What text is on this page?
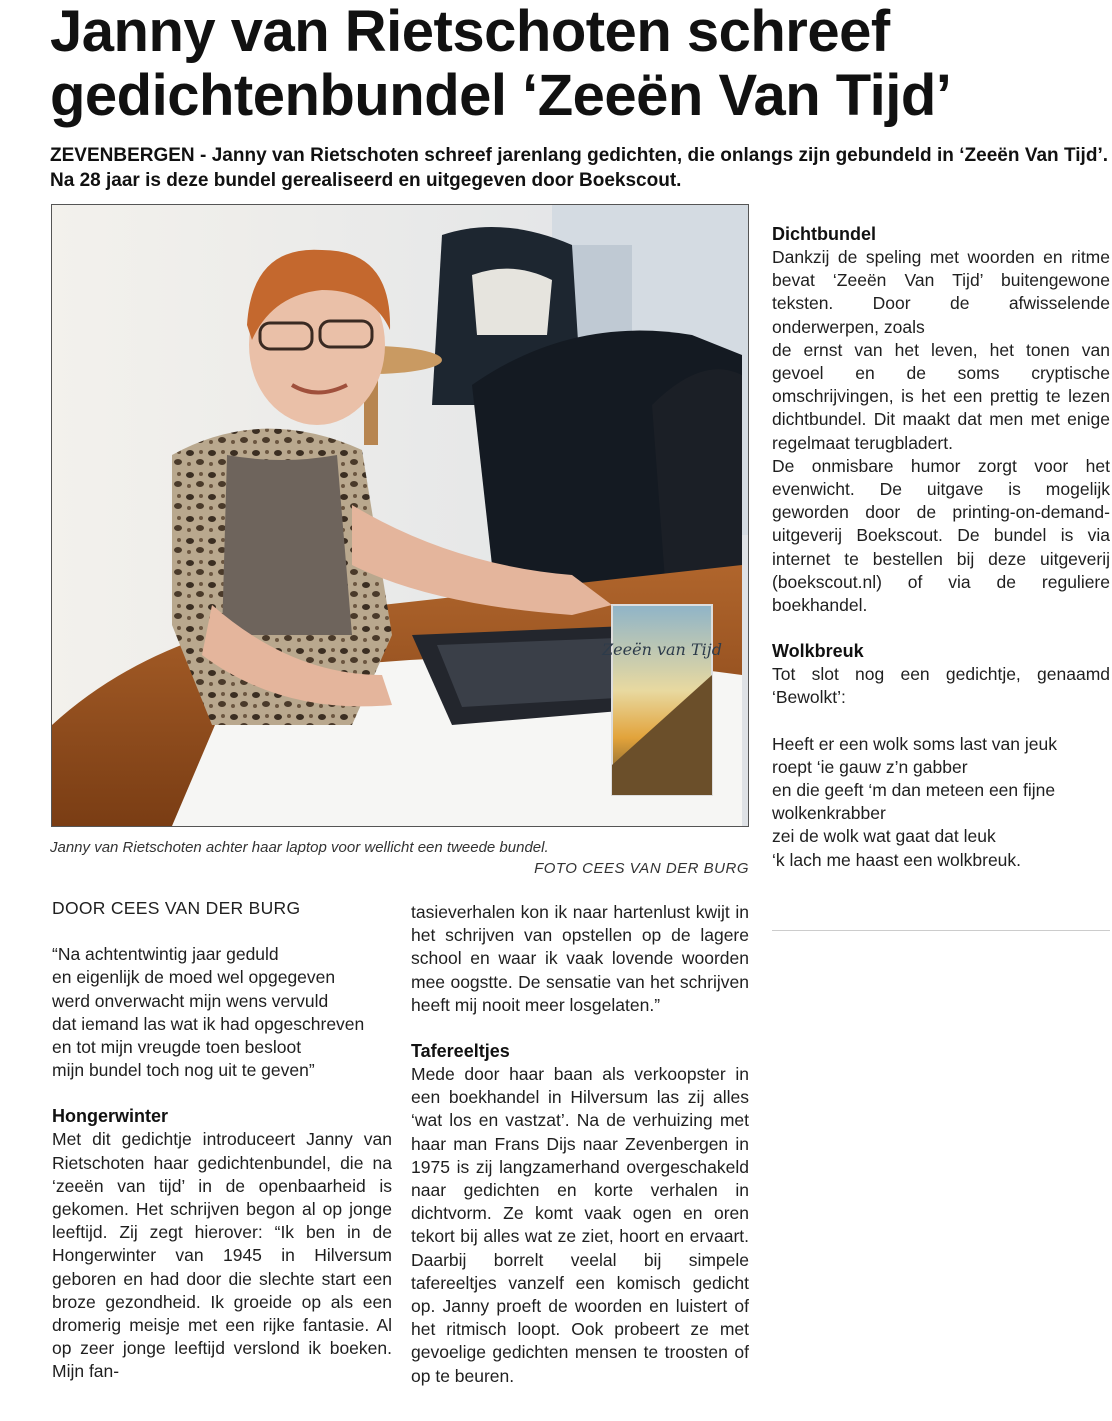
Janny van Rietschoten schreef gedichtenbundel ‘Zeeën Van Tijd’

ZEVENBERGEN - Janny van Rietschoten schreef jarenlang gedichten, die onlangs zijn gebundeld in ‘Zeeën Van Tijd’. Na 28 jaar is deze bundel gerealiseerd en uitgegeven door Boekscout.

Zeeën van Tijd

Janny van Rietschoten achter haar laptop voor wellicht een tweede bundel.

FOTO CEES VAN DER BURG

DOOR CEES VAN DER BURG

“Na achtentwintig jaar geduld

en eigenlijk de moed wel opgegeven

werd onverwacht mijn wens vervuld

dat iemand las wat ik had opgeschreven

en tot mijn vreugde toen besloot

mijn bundel toch nog uit te geven”

Hongerwinter

Met dit gedichtje introduceert Janny van Rietschoten haar gedichtenbundel, die na ‘zeeën van tijd’ in de openbaarheid is gekomen. Het schrijven begon al op jonge leeftijd. Zij zegt hierover: “Ik ben in de Hongerwinter van 1945 in Hilversum geboren en had door die slechte start een broze gezondheid. Ik groeide op als een dromerig meisje met een rijke fantasie. Al op zeer jonge leeftijd verslond ik boeken. Mijn fan-

tasieverhalen kon ik naar hartenlust kwijt in het schrijven van opstellen op de lagere school en waar ik vaak lovende woorden mee oogstte. De sensatie van het schrijven heeft mij nooit meer losgelaten.”

Tafereeltjes

Mede door haar baan als verkoopster in een boekhandel in Hilversum las zij alles ‘wat los en vastzat’. Na de verhuizing met haar man Frans Dijs naar Zevenbergen in 1975 is zij langzamerhand overgeschakeld naar gedichten en korte verhalen in dichtvorm. Ze komt vaak ogen en oren tekort bij alles wat ze ziet, hoort en ervaart. Daarbij borrelt veelal bij simpele tafereeltjes vanzelf een komisch gedicht op. Janny proeft de woorden en luistert of het ritmisch loopt. Ook probeert ze met gevoelige gedichten mensen te troosten of op te beuren.

Dichtbundel

Dankzij de speling met woorden en ritme bevat ‘Zeeën Van Tijd’ buitengewone teksten. Door de afwisselende onderwerpen, zoals

de ernst van het leven, het tonen van gevoel en de soms cryptische omschrijvingen, is het een prettig te lezen dichtbundel. Dit maakt dat men met enige regelmaat terugbladert.

De onmisbare humor zorgt voor het evenwicht. De uitgave is mogelijk geworden door de printing-on-demand-uitgeverij Boekscout. De bundel is via internet te bestellen bij deze uitgeverij (boekscout.nl) of via de reguliere boekhandel.

Wolkbreuk

Tot slot nog een gedichtje, genaamd ‘Bewolkt’:

Heeft er een wolk soms last van jeuk

roept ‘ie gauw z’n gabber

en die geeft ‘m dan meteen een fijne wolkenkrabber

zei de wolk wat gaat dat leuk

‘k lach me haast een wolkbreuk.
